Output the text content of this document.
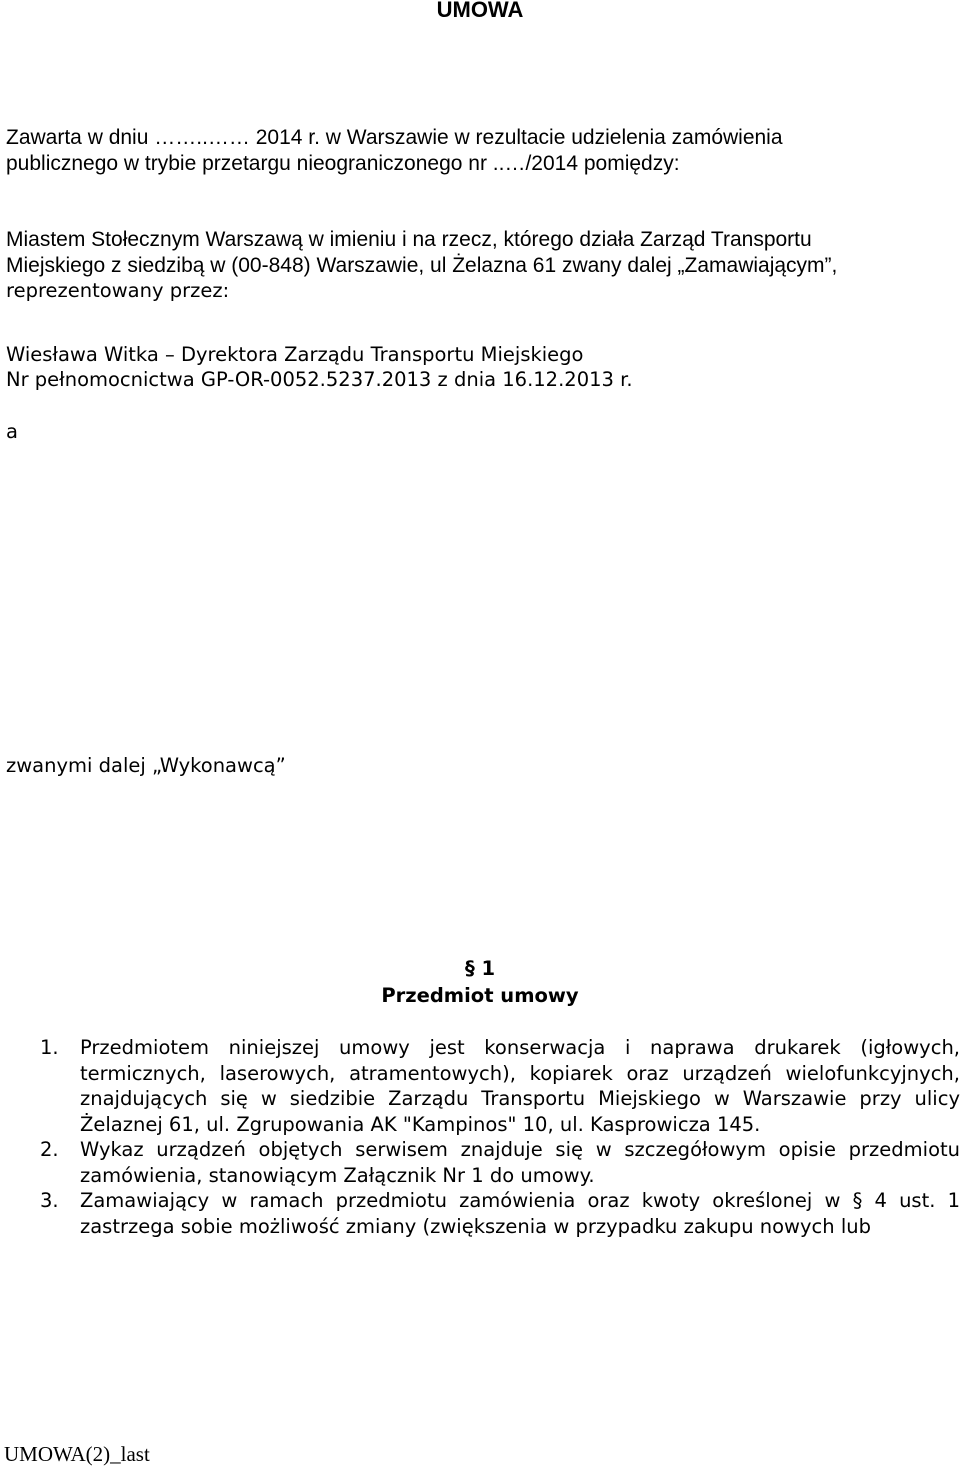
UMOWA
Zawarta w dniu ……..…… 2014 r. w Warszawie w rezultacie udzielenia zamówienia
publicznego w trybie przetargu nieograniczonego nr ..…/2014 pomiędzy:
Miastem Stołecznym Warszawą w imieniu i na rzecz, którego działa Zarząd Transportu
Miejskiego z siedzibą w (00-848) Warszawie, ul Żelazna 61 zwany dalej „Zamawiającym”,
reprezentowany przez:
Wiesława Witka – Dyrektora Zarządu Transportu Miejskiego
Nr pełnomocnictwa GP-OR-0052.5237.2013 z dnia 16.12.2013 r.
a
zwanymi dalej „Wykonawcą”
§ 1
Przedmiot umowy
1. Przedmiotem niniejszej umowy jest konserwacja i naprawa drukarek (igłowych, termicznych, laserowych, atramentowych), kopiarek oraz urządzeń wielofunkcyjnych, znajdujących się w siedzibie Zarządu Transportu Miejskiego w Warszawie przy ulicy Żelaznej 61, ul. Zgrupowania AK "Kampinos" 10, ul. Kasprowicza 145.
2. Wykaz urządzeń objętych serwisem znajduje się w szczegółowym opisie przedmiotu zamówienia, stanowiącym Załącznik Nr 1 do umowy.
3. Zamawiający w ramach przedmiotu zamówienia oraz kwoty określonej w § 4 ust. 1 zastrzega sobie możliwość zmiany (zwiększenia w przypadku zakupu nowych lub
UMOWA(2)_last
